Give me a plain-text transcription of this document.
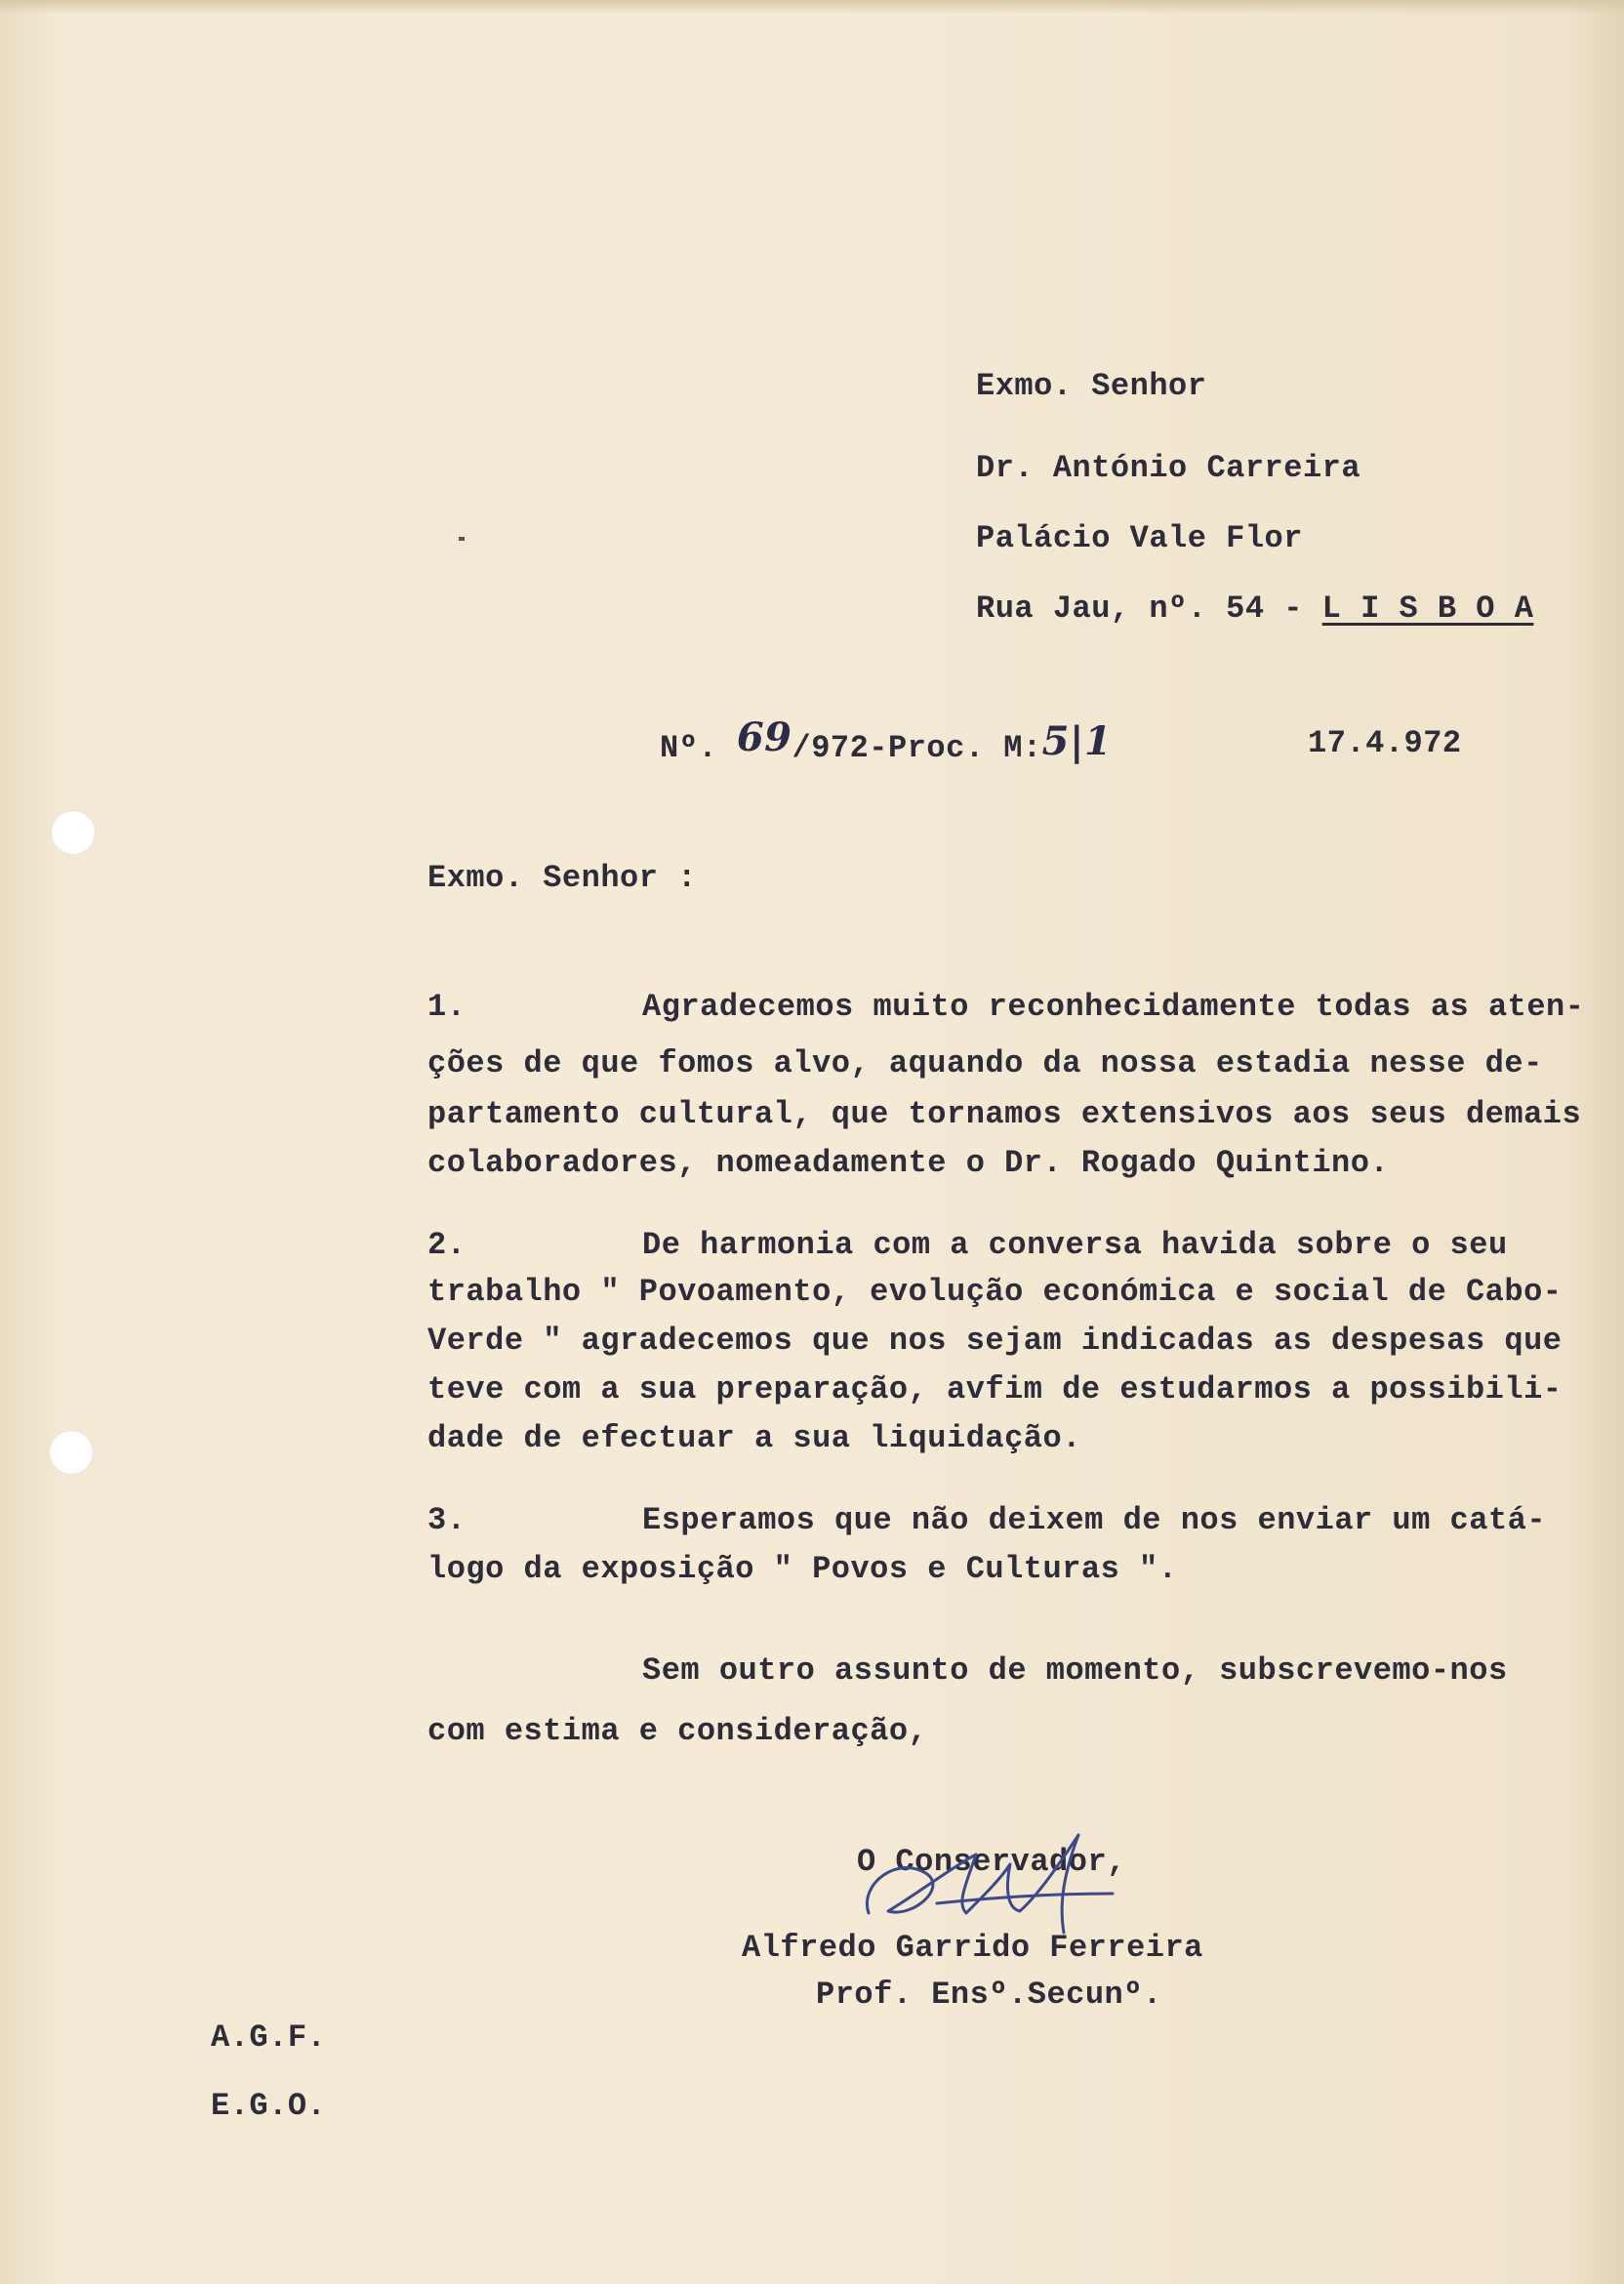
Exmo. Senhor
Dr. António Carreira
Palácio Vale Flor
Rua Jau, nº. 54 - L I S B O A
Nº. 69/972-Proc. M:5|1	17.4.972
Exmo. Senhor :
1.	Agradecemos muito reconhecidamente todas as aten-
ções de que fomos alvo, aquando da nossa estadia nesse de-
partamento cultural, que tornamos extensivos aos seus demais
colaboradores, nomeadamente o Dr. Rogado Quintino.
2.	De harmonia com a conversa havida sobre o seu
trabalho " Povoamento, evolução económica e social de Cabo-
Verde " agradecemos que nos sejam indicadas as despesas que
teve com a sua preparação, avfim de estudarmos a possibili-
dade de efectuar a sua liquidação.
3.	Esperamos que não deixem de nos enviar um catá-
logo da exposição " Povos e Culturas ".
Sem outro assunto de momento, subscrevemo-nos
com estima e consideração,
O Conservador,
Alfredo Garrido Ferreira
Prof. Ensº.Secunº.
A.G.F.
E.G.O.
